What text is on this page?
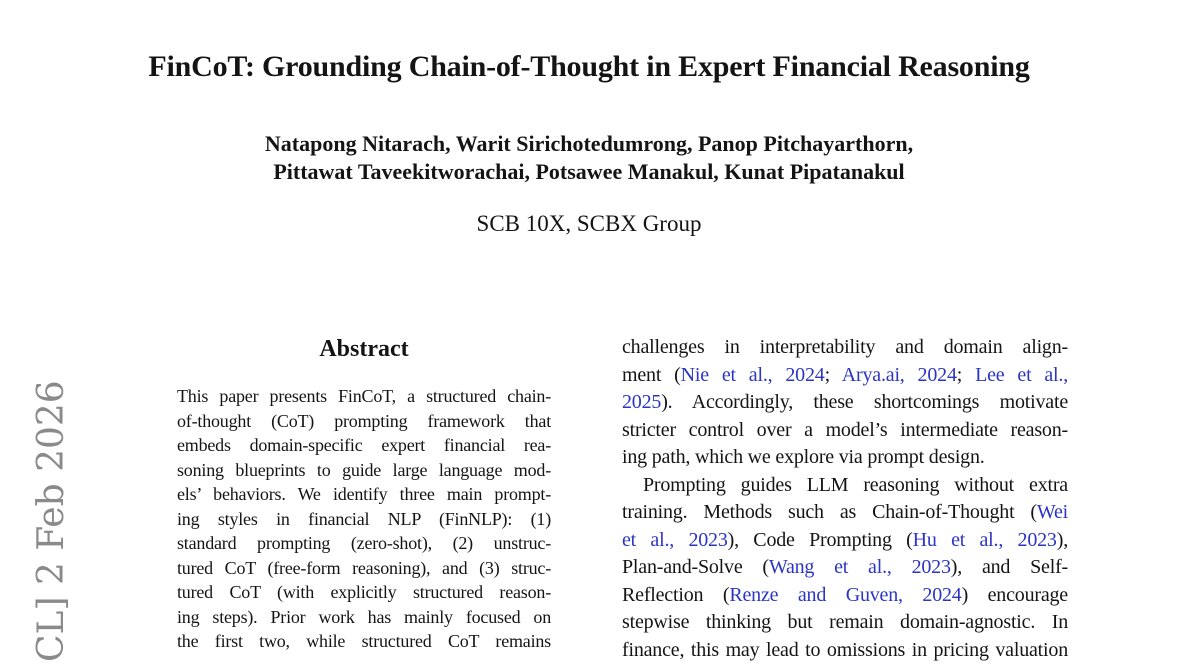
CL] 2 Feb 2026
FinCoT: Grounding Chain-of-Thought in Expert Financial Reasoning
Natapong Nitarach, Warit Sirichotedumrong, Panop Pitchayarthorn,
Pittawat Taveekitworachai, Potsawee Manakul, Kunat Pipatanakul
SCB 10X, SCBX Group
Abstract
This paper presents FinCoT, a structured chain-
of-thought (CoT) prompting framework that
embeds domain-specific expert financial rea-
soning blueprints to guide large language mod-
els’ behaviors. We identify three main prompt-
ing styles in financial NLP (FinNLP): (1)
standard prompting (zero-shot), (2) unstruc-
tured CoT (free-form reasoning), and (3) struc-
tured CoT (with explicitly structured reason-
ing steps). Prior work has mainly focused on
the first two, while structured CoT remains
challenges in interpretability and domain align-
ment (Nie et al., 2024; Arya.ai, 2024; Lee et al.,
2025). Accordingly, these shortcomings motivate
stricter control over a model’s intermediate reason-
ing path, which we explore via prompt design.
Prompting guides LLM reasoning without extra
training. Methods such as Chain-of-Thought (Wei
et al., 2023), Code Prompting (Hu et al., 2023),
Plan-and-Solve (Wang et al., 2023), and Self-
Reflection (Renze and Guven, 2024) encourage
stepwise thinking but remain domain-agnostic. In
finance, this may lead to omissions in pricing valuation
